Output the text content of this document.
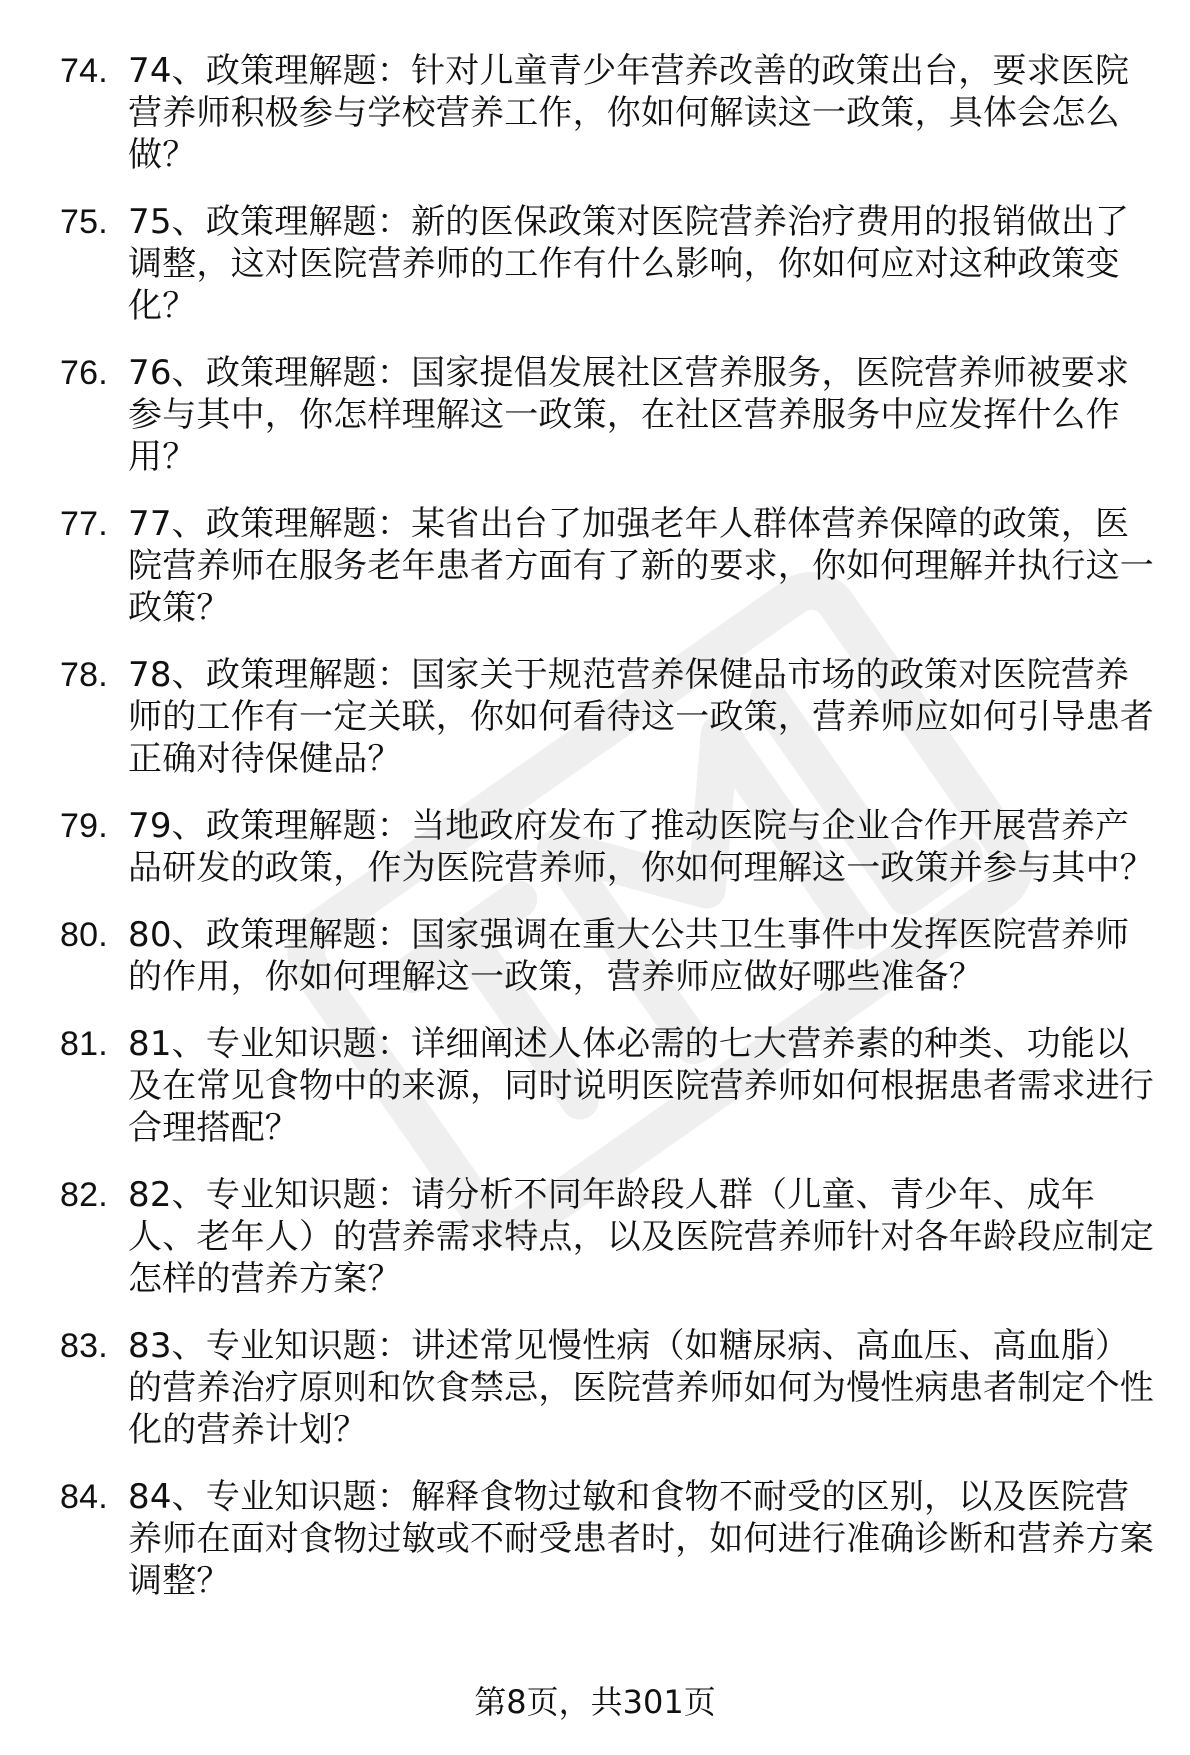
74. 74、政策理解题：针对儿童青少年营养改善的政策出台，要求医院营养师积极参与学校营养工作，你如何解读这一政策，具体会怎么做？
75. 75、政策理解题：新的医保政策对医院营养治疗费用的报销做出了调整，这对医院营养师的工作有什么影响，你如何应对这种政策变化？
76. 76、政策理解题：国家提倡发展社区营养服务，医院营养师被要求参与其中，你怎样理解这一政策，在社区营养服务中应发挥什么作用？
77. 77、政策理解题：某省出台了加强老年人群体营养保障的政策，医院营养师在服务老年患者方面有了新的要求，你如何理解并执行这一政策？
78. 78、政策理解题：国家关于规范营养保健品市场的政策对医院营养师的工作有一定关联，你如何看待这一政策，营养师应如何引导患者正确对待保健品？
79. 79、政策理解题：当地政府发布了推动医院与企业合作开展营养产品研发的政策，作为医院营养师，你如何理解这一政策并参与其中？
80. 80、政策理解题：国家强调在重大公共卫生事件中发挥医院营养师的作用，你如何理解这一政策，营养师应做好哪些准备？
81. 81、专业知识题：详细阐述人体必需的七大营养素的种类、功能以及在常见食物中的来源，同时说明医院营养师如何根据患者需求进行合理搭配？
82. 82、专业知识题：请分析不同年龄段人群（儿童、青少年、成年人、老年人）的营养需求特点，以及医院营养师针对各年龄段应制定怎样的营养方案？
83. 83、专业知识题：讲述常见慢性病（如糖尿病、高血压、高血脂）的营养治疗原则和饮食禁忌，医院营养师如何为慢性病患者制定个性化的营养计划？
84. 84、专业知识题：解释食物过敏和食物不耐受的区别，以及医院营养师在面对食物过敏或不耐受患者时，如何进行准确诊断和营养方案调整？
第8页，共301页
